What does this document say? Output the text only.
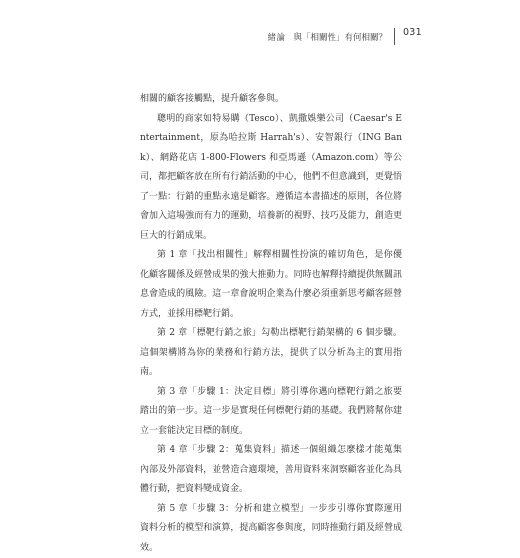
緒論 與「相關性」有何相關？ 031

相關的顧客接觸點，提升顧客參與。

聰明的商家如特易購（Tesco）、凱撒娛樂公司（Caesar's Entertainment，原為哈拉斯 Harrah's）、安智銀行（ING Bank）、網路花店 1-800-Flowers 和亞馬遜（Amazon.com）等公司，都把顧客放在所有行銷活動的中心，他們不但意識到，更覺悟了一點：行銷的重點永遠是顧客。遵循這本書描述的原則，各位將會加入這場強而有力的運動，培養新的視野、技巧及能力，創造更巨大的行銷成果。

第 1 章「找出相關性」解釋相關性扮演的確切角色，是你優化顧客關係及經營成果的強大推動力。同時也解釋持續提供無關訊息會造成的風險。這一章會說明企業為什麼必須重新思考顧客經營方式，並採用標靶行銷。

第 2 章「標靶行銷之旅」勾勒出標靶行銷架構的 6 個步驟。這個架構將為你的業務和行銷方法，提供了以分析為主的實用指南。

第 3 章「步驟 1：決定目標」將引導你邁向標靶行銷之旅要踏出的第一步。這一步是實現任何標靶行銷的基礎。我們將幫你建立一套能決定目標的制度。

第 4 章「步驟 2：蒐集資料」描述一個組織怎麼樣才能蒐集內部及外部資料，並營造合適環境，善用資料來洞察顧客並化為具體行動，把資料變成資金。

第 5 章「步驟 3：分析和建立模型」一步步引導你實際運用資料分析的模型和演算，提高顧客參與度，同時推動行銷及經營成效。
